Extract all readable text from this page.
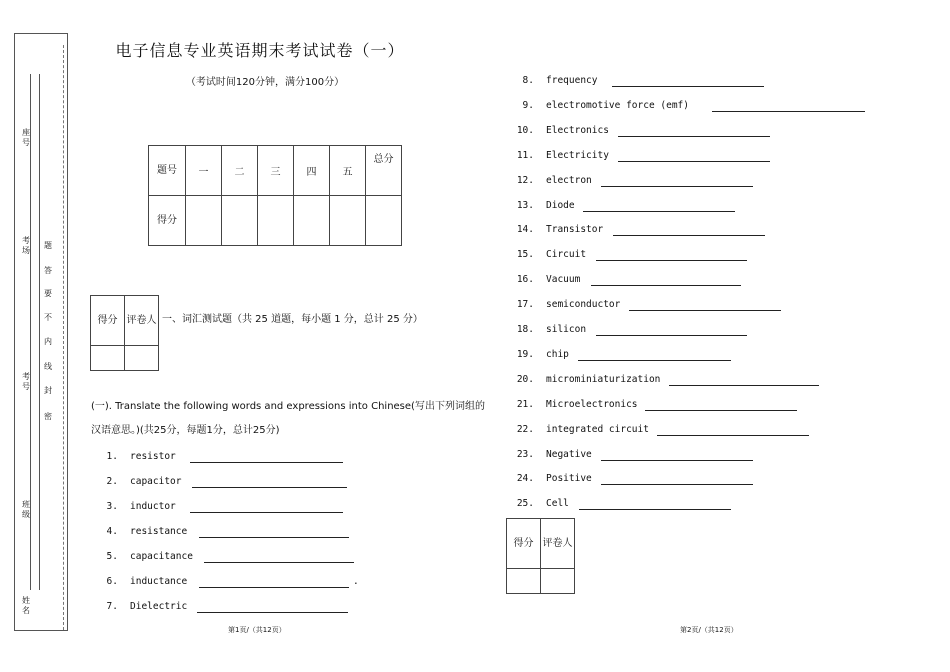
座号
考场
考号
班级
姓名
题
答
要
不
内
线
封
密
电子信息专业英语期末考试试卷（一）
（考试时间120分钟，满分100分）
题号	一	二	三	四	五	总分
得分						
得分	评卷人
	一、词汇测试题（共 25 道题，每小题 1 分，总计 25 分）
(一). Translate the following words and expressions into Chinese(写出下列词组的汉语意思。)(共25分，每题1分，总计25分)
1. resistor
2. capacitor
3. inductor
4. resistance
5. capacitance
6. inductance	.
7. Dielectric
8. frequency
9. electromotive force (emf)
10. Electronics
11. Electricity
12. electron
13. Diode
14. Transistor
15. Circuit
16. Vacuum
17. semiconductor
18. silicon
19. chip
20. microminiaturization
21. Microelectronics
22. integrated circuit
23. Negative
24. Positive
25. Cell
得分	评卷人

第1页/（共12页）	第2页/（共12页）
